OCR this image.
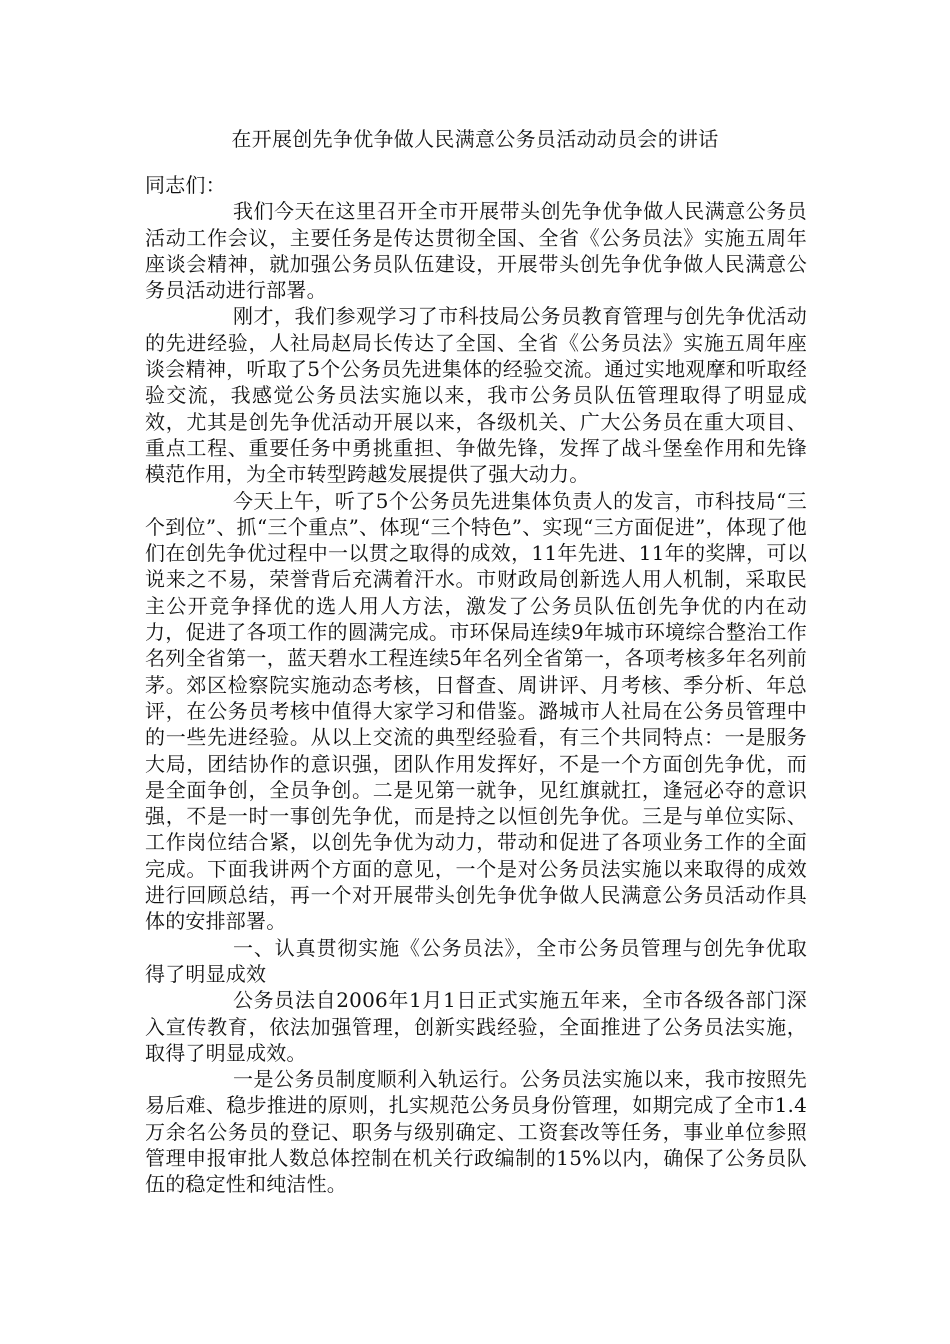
在开展创先争优争做人民满意公务员活动动员会的讲话

同志们：

我们今天在这里召开全市开展带头创先争优争做人民满意公务员活动工作会议，主要任务是传达贯彻全国、全省《公务员法》实施五周年座谈会精神，就加强公务员队伍建设，开展带头创先争优争做人民满意公务员活动进行部署。

刚才，我们参观学习了市科技局公务员教育管理与创先争优活动的先进经验，人社局赵局长传达了全国、全省《公务员法》实施五周年座谈会精神，听取了5个公务员先进集体的经验交流。通过实地观摩和听取经验交流，我感觉公务员法实施以来，我市公务员队伍管理取得了明显成效，尤其是创先争优活动开展以来，各级机关、广大公务员在重大项目、重点工程、重要任务中勇挑重担、争做先锋，发挥了战斗堡垒作用和先锋模范作用，为全市转型跨越发展提供了强大动力。

今天上午，听了5个公务员先进集体负责人的发言，市科技局“三个到位”、抓“三个重点”、体现“三个特色”、实现“三方面促进”，体现了他们在创先争优过程中一以贯之取得的成效，11年先进、11年的奖牌，可以说来之不易，荣誉背后充满着汗水。市财政局创新选人用人机制，采取民主公开竞争择优的选人用人方法，激发了公务员队伍创先争优的内在动力，促进了各项工作的圆满完成。市环保局连续9年城市环境综合整治工作名列全省第一，蓝天碧水工程连续5年名列全省第一，各项考核多年名列前茅。郊区检察院实施动态考核，日督查、周讲评、月考核、季分析、年总评，在公务员考核中值得大家学习和借鉴。潞城市人社局在公务员管理中的一些先进经验。从以上交流的典型经验看，有三个共同特点：一是服务大局，团结协作的意识强，团队作用发挥好，不是一个方面创先争优，而是全面争创，全员争创。二是见第一就争，见红旗就扛，逢冠必夺的意识强，不是一时一事创先争优，而是持之以恒创先争优。三是与单位实际、工作岗位结合紧，以创先争优为动力，带动和促进了各项业务工作的全面完成。下面我讲两个方面的意见，一个是对公务员法实施以来取得的成效进行回顾总结，再一个对开展带头创先争优争做人民满意公务员活动作具体的安排部署。

一、认真贯彻实施《公务员法》，全市公务员管理与创先争优取得了明显成效

公务员法自2006年1月1日正式实施五年来，全市各级各部门深入宣传教育，依法加强管理，创新实践经验，全面推进了公务员法实施，取得了明显成效。

一是公务员制度顺利入轨运行。公务员法实施以来，我市按照先易后难、稳步推进的原则，扎实规范公务员身份管理，如期完成了全市1.4万余名公务员的登记、职务与级别确定、工资套改等任务，事业单位参照管理申报审批人数总体控制在机关行政编制的15%以内，确保了公务员队伍的稳定性和纯洁性。
